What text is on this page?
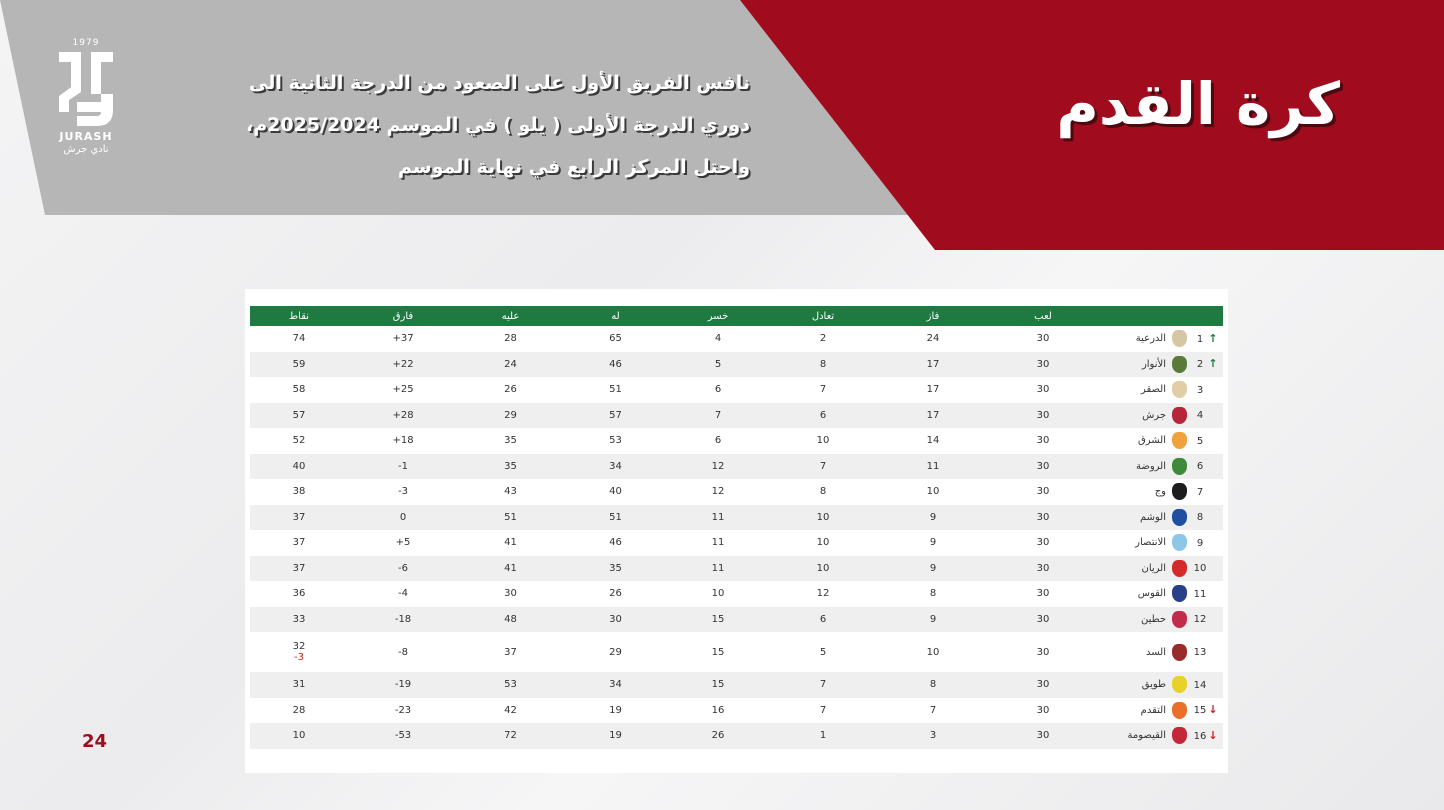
1979
JURASH
نادي جرش
نافس الفريق الأول على الصعود من الدرجة الثانية الى
دوري الدرجة الأولى ( يلو ) في الموسم 2025/2024م،
واحتل المركز الرابع في نهاية الموسم
كرة القدم
	لعب	فاز	تعادل	خسر	له	عليه	فارق	نقاط
↑1الدرعية	30	24	2	4	65	28	37+	74
↑2الأنوار	30	17	8	5	46	24	22+	59
3الصقر	30	17	7	6	51	26	25+	58
4جرش	30	17	6	7	57	29	28+	57
5الشرق	30	14	10	6	53	35	18+	52
6الروضة	30	11	7	12	34	35	1-	40
7وج	30	10	8	12	40	43	3-	38
8الوشم	30	9	10	11	51	51	0	37
9الانتصار	30	9	10	11	46	41	5+	37
10الريان	30	9	10	11	35	41	6-	37
11القوس	30	8	12	10	26	30	4-	36
12حطين	30	9	6	15	30	48	18-	33
13السد	30	10	5	15	29	37	8-	32
3-

14طويق	30	8	7	15	34	53	19-	31
↓15التقدم	30	7	7	16	19	42	23-	28
↓16القيصومة	30	3	1	26	19	72	53-	10
24
